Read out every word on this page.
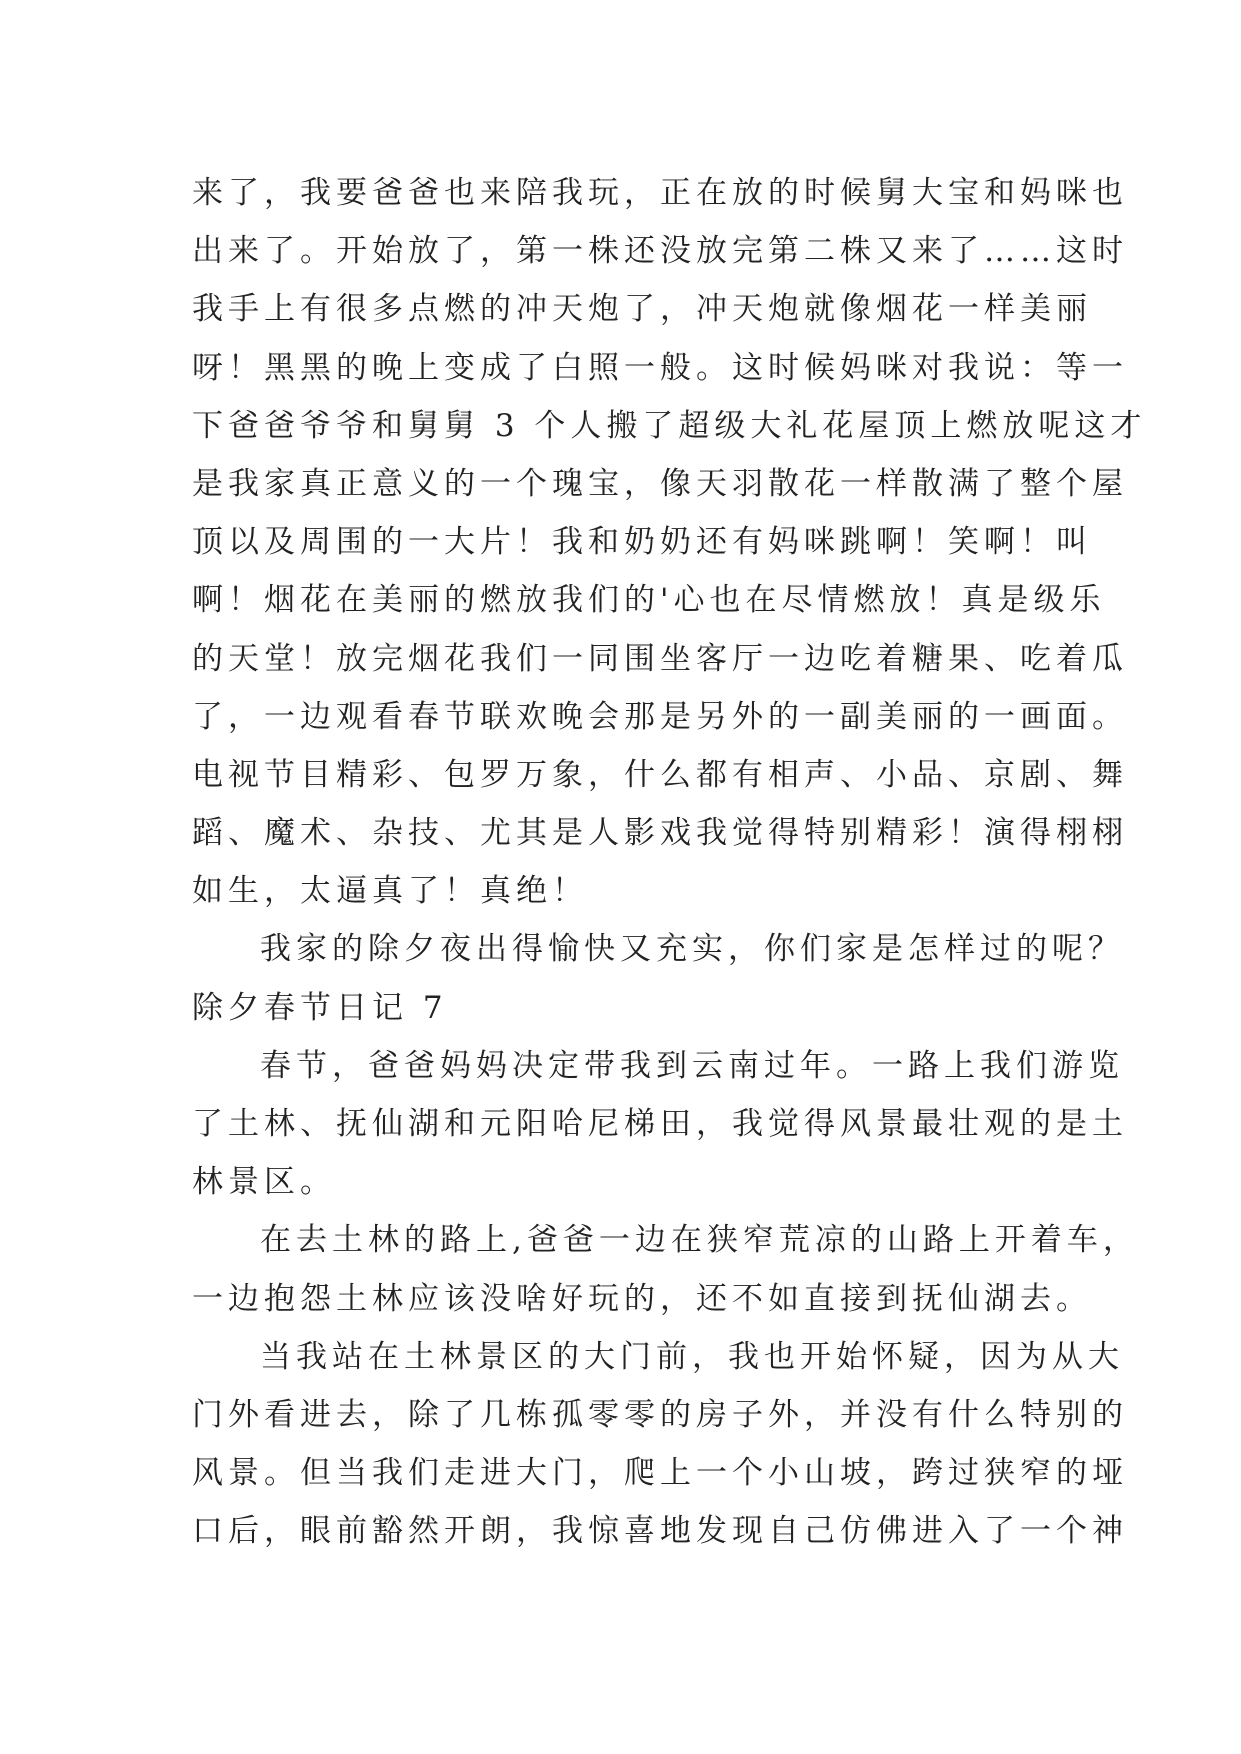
来了，我要爸爸也来陪我玩，正在放的时候舅大宝和妈咪也
出来了。开始放了，第一株还没放完第二株又来了……这时
我手上有很多点燃的冲天炮了，冲天炮就像烟花一样美丽
呀！黑黑的晚上变成了白照一般。这时候妈咪对我说：等一
下爸爸爷爷和舅舅 3 个人搬了超级大礼花屋顶上燃放呢这才
是我家真正意义的一个瑰宝，像天羽散花一样散满了整个屋
顶以及周围的一大片！我和奶奶还有妈咪跳啊！笑啊！叫
啊！烟花在美丽的燃放我们的'心也在尽情燃放！真是级乐
的天堂！放完烟花我们一同围坐客厅一边吃着糖果、吃着瓜
了，一边观看春节联欢晚会那是另外的一副美丽的一画面。
电视节目精彩、包罗万象，什么都有相声、小品、京剧、舞
蹈、魔术、杂技、尤其是人影戏我觉得特别精彩！演得栩栩
如生，太逼真了！真绝！
我家的除夕夜出得愉快又充实，你们家是怎样过的呢？
除夕春节日记 7
春节，爸爸妈妈决定带我到云南过年。一路上我们游览
了土林、抚仙湖和元阳哈尼梯田，我觉得风景最壮观的是土
林景区。
在去土林的路上,爸爸一边在狭窄荒凉的山路上开着车，
一边抱怨土林应该没啥好玩的，还不如直接到抚仙湖去。
当我站在土林景区的大门前，我也开始怀疑，因为从大
门外看进去，除了几栋孤零零的房子外，并没有什么特别的
风景。但当我们走进大门，爬上一个小山坡，跨过狭窄的垭
口后，眼前豁然开朗，我惊喜地发现自己仿佛进入了一个神
